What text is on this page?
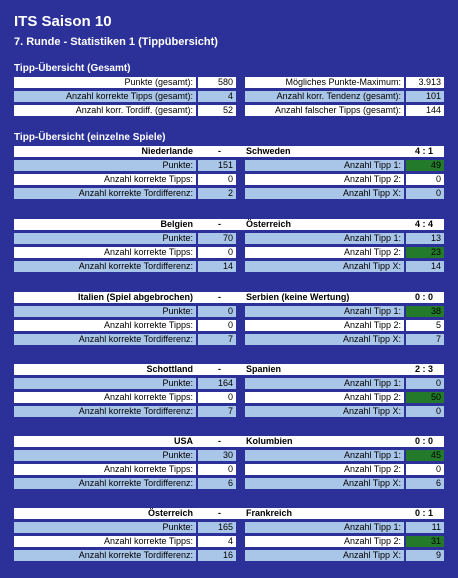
ITS Saison 10
7. Runde - Statistiken 1 (Tippübersicht)
Tipp-Übersicht (Gesamt)
Punkte (gesamt):	580	Mögliches Punkte-Maximum:	3.913
Anzahl korrekte Tipps (gesamt):	4	Anzahl korr. Tendenz (gesamt):	101
Anzahl korr. Tordiff. (gesamt):	52	Anzahl falscher Tipps (gesamt):	144
Tipp-Übersicht (einzelne Spiele)
Niederlande	-	Schweden	4 : 1
Punkte:	151	Anzahl Tipp 1:	49
Anzahl korrekte Tipps:	0	Anzahl Tipp 2:	0
Anzahl korrekte Tordifferenz:	2	Anzahl Tipp X:	0
Belgien	-	Österreich	4 : 4
Punkte:	70	Anzahl Tipp 1:	13
Anzahl korrekte Tipps:	0	Anzahl Tipp 2:	23
Anzahl korrekte Tordifferenz:	14	Anzahl Tipp X:	14
Italien (Spiel abgebrochen)	-	Serbien (keine Wertung)	0 : 0
Punkte:	0	Anzahl Tipp 1:	38
Anzahl korrekte Tipps:	0	Anzahl Tipp 2:	5
Anzahl korrekte Tordifferenz:	7	Anzahl Tipp X:	7
Schottland	-	Spanien	2 : 3
Punkte:	164	Anzahl Tipp 1:	0
Anzahl korrekte Tipps:	0	Anzahl Tipp 2:	50
Anzahl korrekte Tordifferenz:	7	Anzahl Tipp X:	0
USA	-	Kolumbien	0 : 0
Punkte:	30	Anzahl Tipp 1:	45
Anzahl korrekte Tipps:	0	Anzahl Tipp 2:	0
Anzahl korrekte Tordifferenz:	6	Anzahl Tipp X:	6
Österreich	-	Frankreich	0 : 1
Punkte:	165	Anzahl Tipp 1:	11
Anzahl korrekte Tipps:	4	Anzahl Tipp 2:	31
Anzahl korrekte Tordifferenz:	16	Anzahl Tipp X:	9
